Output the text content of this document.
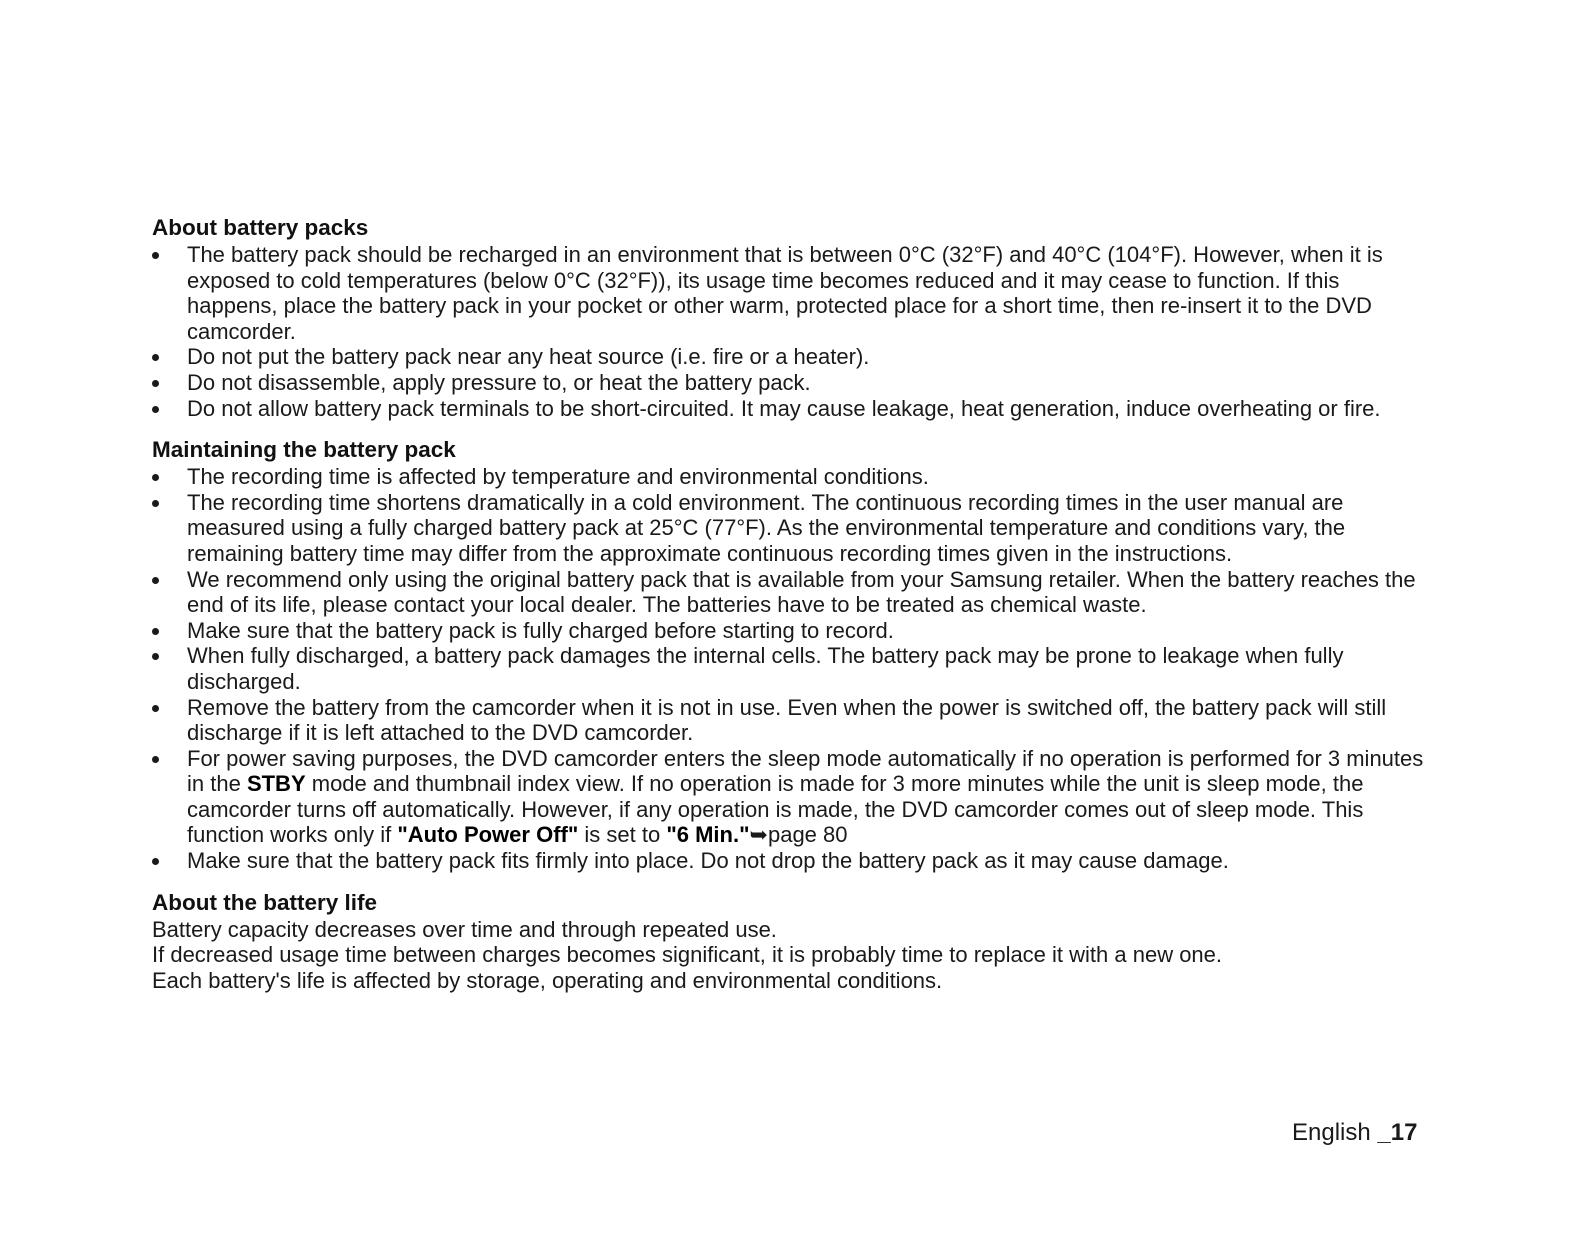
About battery packs
The battery pack should be recharged in an environment that is between 0°C (32°F) and 40°C (104°F). However, when it is exposed to cold temperatures (below 0°C (32°F)), its usage time becomes reduced and it may cease to function. If this happens, place the battery pack in your pocket or other warm, protected place for a short time, then re-insert it to the DVD camcorder.
Do not put the battery pack near any heat source (i.e. fire or a heater).
Do not disassemble, apply pressure to, or heat the battery pack.
Do not allow battery pack terminals to be short-circuited. It may cause leakage, heat generation, induce overheating or fire.
Maintaining the battery pack
The recording time is affected by temperature and environmental conditions.
The recording time shortens dramatically in a cold environment. The continuous recording times in the user manual are measured using a fully charged battery pack at 25°C (77°F). As the environmental temperature and conditions vary, the remaining battery time may differ from the approximate continuous recording times given in the instructions.
We recommend only using the original battery pack that is available from your Samsung retailer. When the battery reaches the end of its life, please contact your local dealer. The batteries have to be treated as chemical waste.
Make sure that the battery pack is fully charged before starting to record.
When fully discharged, a battery pack damages the internal cells. The battery pack may be prone to leakage when fully discharged.
Remove the battery from the camcorder when it is not in use. Even when the power is switched off, the battery pack will still discharge if it is left attached to the DVD camcorder.
For power saving purposes, the DVD camcorder enters the sleep mode automatically if no operation is performed for 3 minutes in the STBY mode and thumbnail index view. If no operation is made for 3 more minutes while the unit is sleep mode, the camcorder turns off automatically. However, if any operation is made, the DVD camcorder comes out of sleep mode. This function works only if "Auto Power Off" is set to "6 Min."➥page 80
Make sure that the battery pack fits firmly into place. Do not drop the battery pack as it may cause damage.
About the battery life

Battery capacity decreases over time and through repeated use.

If decreased usage time between charges becomes significant, it is probably time to replace it with a new one.

Each battery's life is affected by storage, operating and environmental conditions.

English _17
